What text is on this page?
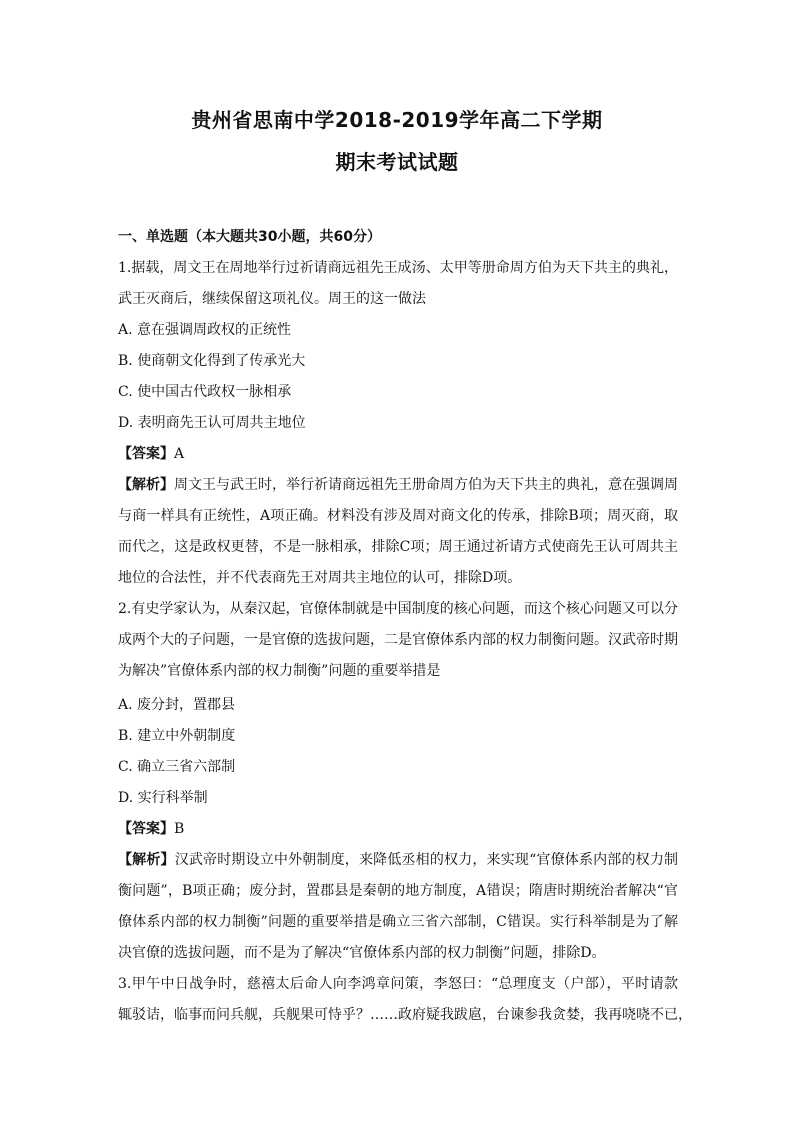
贵州省思南中学2018-2019学年高二下学期
期末考试试题
一、单选题（本大题共30小题，共60分）
1.据载，周文王在周地举行过祈请商远祖先王成汤、太甲等册命周方伯为天下共主的典礼，
武王灭商后，继续保留这项礼仪。周王的这一做法
A. 意在强调周政权的正统性
B. 使商朝文化得到了传承光大
C. 使中国古代政权一脉相承
D. 表明商先王认可周共主地位
【答案】A
【解析】周文王与武王时，举行祈请商远祖先王册命周方伯为天下共主的典礼，意在强调周
与商一样具有正统性，A项正确。材料没有涉及周对商文化的传承，排除B项；周灭商，取
而代之，这是政权更替，不是一脉相承，排除C项；周王通过祈请方式使商先王认可周共主
地位的合法性，并不代表商先王对周共主地位的认可，排除D项。
2.有史学家认为，从秦汉起，官僚体制就是中国制度的核心问题，而这个核心问题又可以分
成两个大的子问题，一是官僚的选拔问题，二是官僚体系内部的权力制衡问题。汉武帝时期
为解决”官僚体系内部的权力制衡”问题的重要举措是
A. 废分封，置郡县
B. 建立中外朝制度
C. 确立三省六部制
D. 实行科举制
【答案】B
【解析】汉武帝时期设立中外朝制度，来降低丞相的权力，来实现“官僚体系内部的权力制
衡问题”，B项正确；废分封，置郡县是秦朝的地方制度，A错误；隋唐时期统治者解决“官
僚体系内部的权力制衡”问题的重要举措是确立三省六部制，C错误。实行科举制是为了解
决官僚的选拔问题，而不是为了解决“官僚体系内部的权力制衡”问题，排除D。
3.甲午中日战争时，慈禧太后命人向李鸿章问策，李怒曰：“总理度支（户部），平时请款
辄驳诘，临事而问兵舰，兵舰果可恃乎？……政府疑我跋扈，台谏参我贪婪，我再哓哓不已，
